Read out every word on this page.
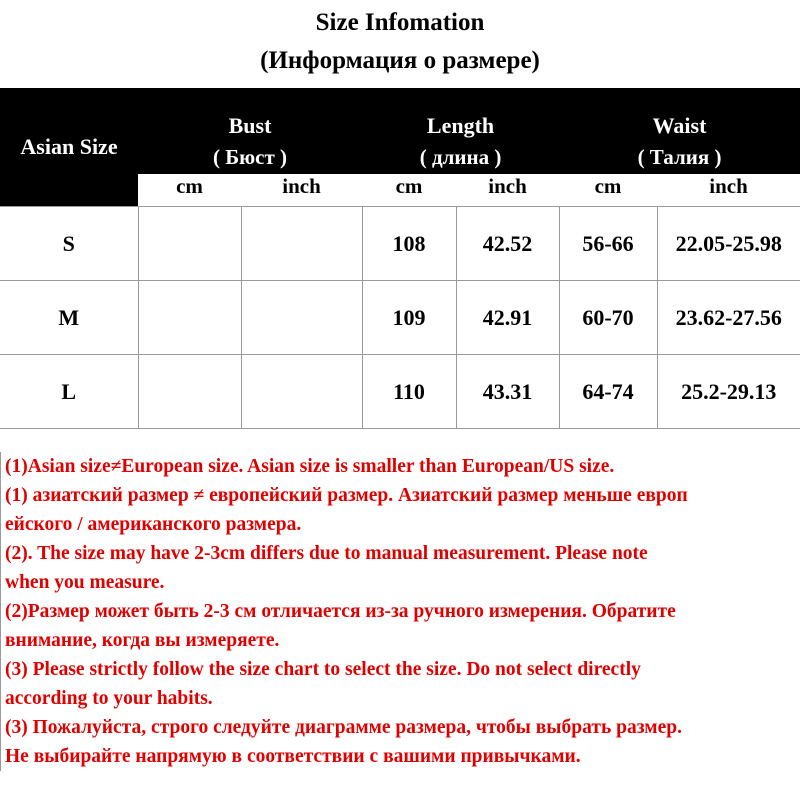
Size Infomation
(Информация о размере)
Asian Size	Bust		Length		Waist	
	( Бюст )		( длина )		( Талия )	
	cm	inch	cm	inch	cm	inch
S			108	42.52	56-66	22.05-25.98
M			109	42.91	60-70	23.62-27.56
L			110	43.31	64-74	25.2-29.13
(1)Asian size≠European size. Asian size is smaller than European/US size.
(1) азиатский размер ≠ европейский размер. Азиатский размер меньше европ
ейского / американского размера.
(2). The size may have 2-3cm differs due to manual measurement. Please note
when you measure.
(2)Размер может быть 2-3 см отличается из-за ручного измерения. Обратите
внимание, когда вы измеряете.
(3) Please strictly follow the size chart to select the size. Do not select directly
according to your habits.
(3) Пожалуйста, строго следуйте диаграмме размера, чтобы выбрать размер.
Не выбирайте напрямую в соответствии с вашими привычками.
